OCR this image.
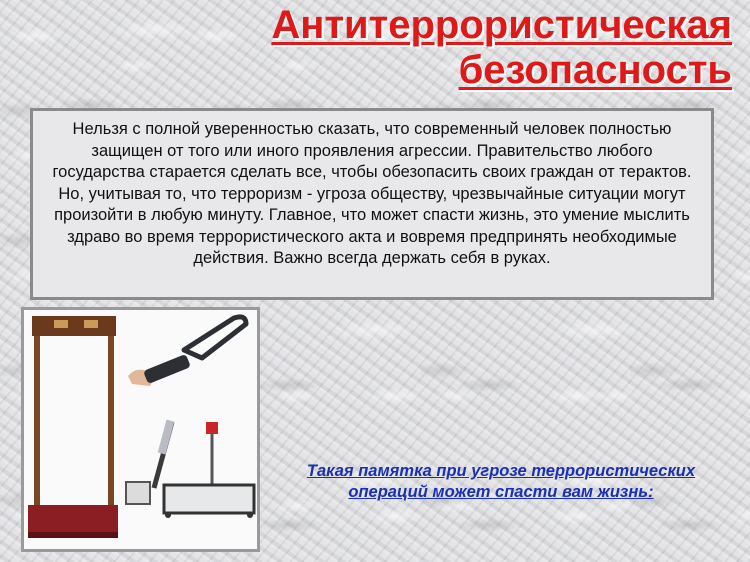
Антитеррористическая
безопасность
Нельзя с полной уверенностью сказать, что современный человек полностью защищен от того или иного проявления агрессии. Правительство любого государства старается сделать все, чтобы обезопасить своих граждан от терактов. Но, учитывая то, что терроризм - угроза обществу, чрезвычайные ситуации могут произойти в любую минуту. Главное, что может спасти жизнь, это умение мыслить здраво во время террористического акта и вовремя предпринять необходимые действия. Важно всегда держать себя в руках.
Такая памятка при угрозе террористических операций может спасти вам жизнь:
